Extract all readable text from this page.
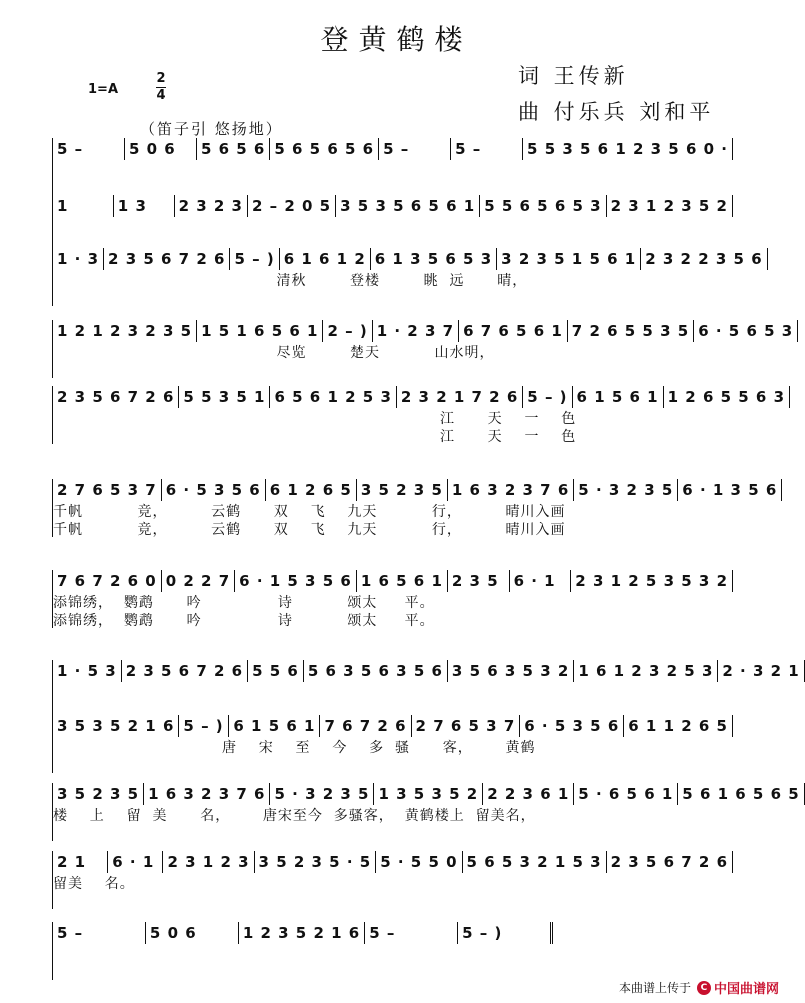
登黄鹤楼
词 王传新
曲 付乐兵 刘和平
1=A
2
4
（笛子引 悠扬地）
5 –	5 0 6	5 6 5 6 5 6 5 6 5 6 5 –	5 –	5 5 3 5 6 1 2 3 5 6 0 ·
1	1 3	2 3 2 3 2 – 2 0 5 3 5 3 5 6 5 6 1 5 5 6 5 6 5 3 2 3 1 2 3 5 2
1 · 3 2 3 5 6 7 2 6 5 – ) 6 1 6 1 2 6 1 3 5 6 5 3 3 2 3 5 1 5 6 1 2 3 2 2 3 5 6
清秋        登楼        眺  远      晴，
1 2 1 2 3 2 3 5 1 5 1 6 5 6 1 2 – ) 1 · 2 3 7 6 7 6 5 6 1 7 2 6 5 5 3 5 6 · 5 6 5 3
尽览        楚天          山水明，
2 3 5 6 7 2 6 5 5 3 5 1 6 5 6 1 2 5 3 2 3 2 1 7 2 6 5 – ) 6 1 5 6 1 1 2 6 5 5 6 3
江      天    一    色
江      天    一    色
2 7 6 5 3 7 6 · 5 3 5 6 6 1 2 6 5 3 5 2 3 5 1 6 3 2 3 7 6 5 · 3 2 3 5 6 · 1 3 5 6
千帆          竞，        云鹤      双    飞    九天          行，        晴川入画
千帆          竞，        云鹤      双    飞    九天          行，        晴川入画
7 6 7 2 6 0 0 2 2 7 6 · 1 5 3 5 6 1 6 5 6 1 2 3 5 6 · 1	2 3 1 2 5 3 5 3 2
添锦绣，  鹦鹉      吟              诗          颂太     平。
添锦绣，  鹦鹉      吟              诗          颂太     平。
1 · 5 3 2 3 5 6 7 2 6 5 5 6 5 6 3 5 6 3 5 6 3 5 6 3 5 3 2 1 6 1 2 3 2 5 3 2 · 3 2 1
3 5 3 5 2 1 6 5 – ) 6 1 5 6 1 7 6 7 2 6 2 7 6 5 3 7 6 · 5 3 5 6 6 1 1 2 6 5
唐    宋    至    今    多  骚      客，      黄鹤
3 5 2 3 5 1 6 3 2 3 7 6 5 · 3 2 3 5 1 3 5 3 5 2 2 2 3 6 1 5 · 6 5 6 1 5 6 1 6 5 6 5
楼    上    留  美      名，      唐宋至今  多骚客，  黄鹤楼上  留美名，
2 1	6 · 1 2 3 1 2 3 3 5 2 3 5 · 5 5 · 5 5 0 5 6 5 3 2 1 5 3 2 3 5 6 7 2 6
留美    名。
5 –	5 0 6	1 2 3 5 2 1 6 5 –	5 – )
本曲谱上传于	C 中国曲谱网
